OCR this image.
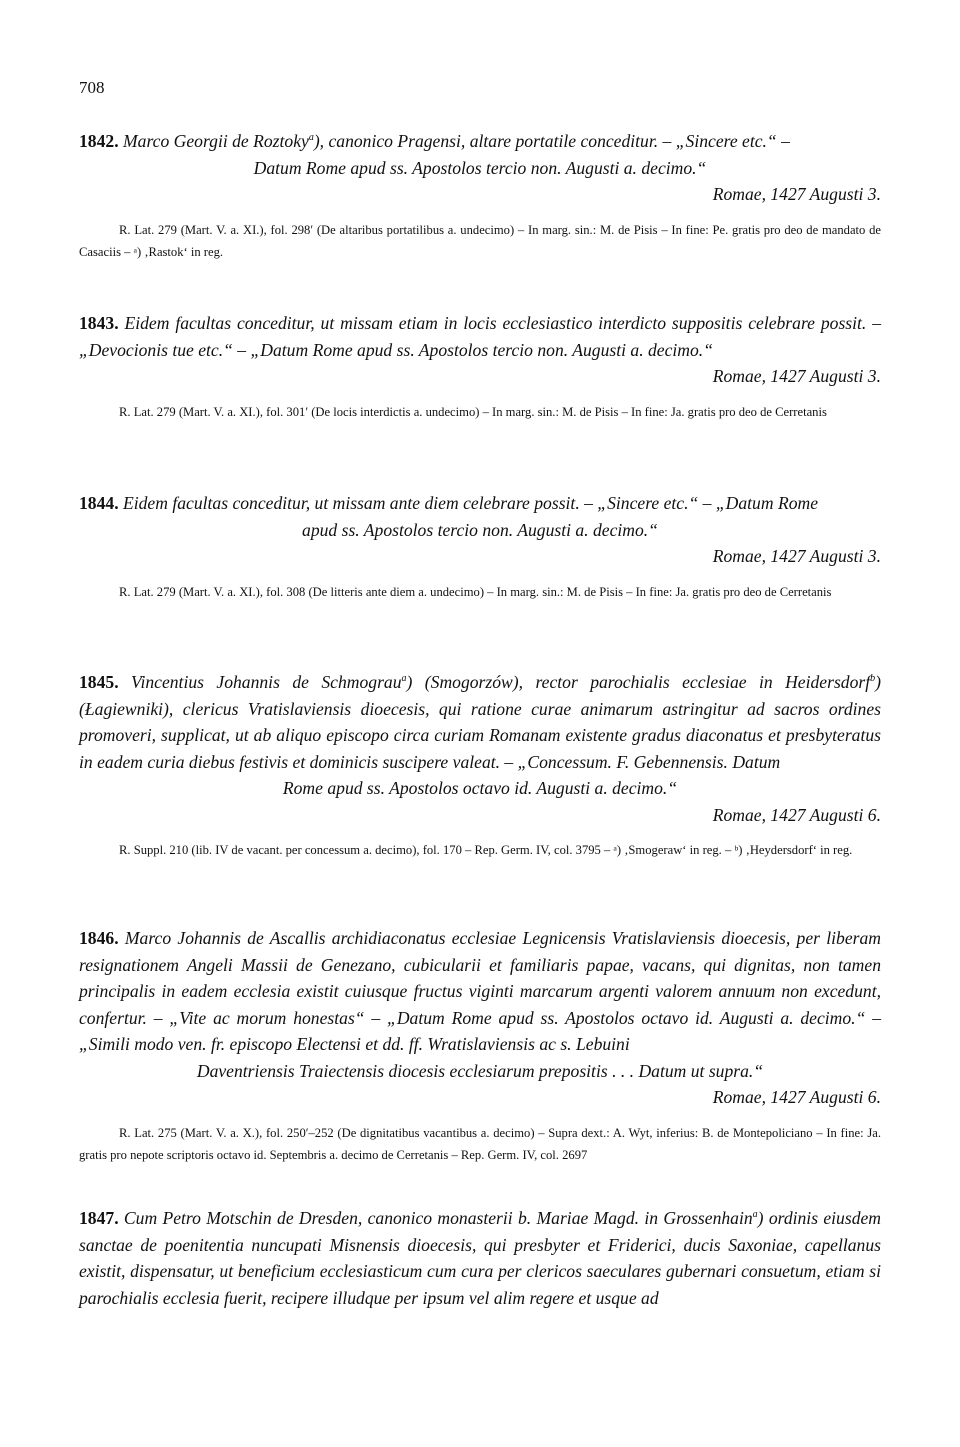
708

1842. Marco Georgii de Roztoky$^a$), canonico Pragensi, altare portatile conceditur. – „Sincere etc.“ –
Datum Rome apud ss. Apostolos tercio non. Augusti a. decimo.“

Romae, 1427 Augusti 3.

R. Lat. 279 (Mart. V. a. XI.), fol. 298′ (De altaribus portatilibus a. undecimo) – In marg. sin.: M. de Pisis – In fine: Pe. gratis pro deo de mandato de Casaciis – ᵃ) ‚Rastok‘ in reg.

1843. Eidem facultas conceditur, ut missam etiam in locis ecclesiastico interdicto suppositis celebrare possit. – „Devocionis tue etc.“ – „Datum Rome apud ss. Apostolos tercio non. Augusti a. decimo.“

Romae, 1427 Augusti 3.

R. Lat. 279 (Mart. V. a. XI.), fol. 301′ (De locis interdictis a. undecimo) – In marg. sin.: M. de Pisis – In fine: Ja. gratis pro deo de Cerretanis

1844. Eidem facultas conceditur, ut missam ante diem celebrare possit. – „Sincere etc.“ – „Datum Rome
apud ss. Apostolos tercio non. Augusti a. decimo.“

Romae, 1427 Augusti 3.

R. Lat. 279 (Mart. V. a. XI.), fol. 308 (De litteris ante diem a. undecimo) – In marg. sin.: M. de Pisis – In fine: Ja. gratis pro deo de Cerretanis

1845. Vincentius Johannis de Schmograu$^a$) (Smogorzów), rector parochialis ecclesiae in Heidersdorf$^b$) (Łagiewniki), clericus Vratislaviensis dioecesis, qui ratione curae animarum astringitur ad sacros ordines promoveri, supplicat, ut ab aliquo episcopo circa curiam Romanam existente gradus diaconatus et presbyteratus in eadem curia diebus festivis et dominicis suscipere valeat. – „Concessum. F. Gebennensis. Datum
Rome apud ss. Apostolos octavo id. Augusti a. decimo.“

Romae, 1427 Augusti 6.

R. Suppl. 210 (lib. IV de vacant. per concessum a. decimo), fol. 170 – Rep. Germ. IV, col. 3795 – ᵃ) ‚Smogeraw‘ in reg. – ᵇ) ‚Heydersdorf‘ in reg.

1846. Marco Johannis de Ascallis archidiaconatus ecclesiae Legnicensis Vratislaviensis dioecesis, per liberam resignationem Angeli Massii de Genezano, cubicularii et familiaris papae, vacans, qui dignitas, non tamen principalis in eadem ecclesia existit cuiusque fructus viginti marcarum argenti valorem annuum non excedunt, confertur. – „Vite ac morum honestas“ – „Datum Rome apud ss. Apostolos octavo id. Augusti a. decimo.“ – „Simili modo ven. fr. episcopo Electensi et dd. ff. Wratislaviensis ac s. Lebuini
Daventriensis Traiectensis diocesis ecclesiarum prepositis . . . Datum ut supra.“

Romae, 1427 Augusti 6.

R. Lat. 275 (Mart. V. a. X.), fol. 250′–252 (De dignitatibus vacantibus a. decimo) – Supra dext.: A. Wyt, inferius: B. de Montepoliciano – In fine: Ja. gratis pro nepote scriptoris octavo id. Septembris a. decimo de Cerretanis – Rep. Germ. IV, col. 2697

1847. Cum Petro Motschin de Dresden, canonico monasterii b. Mariae Magd. in Grossenhain$^a$) ordinis eiusdem sanctae de poenitentia nuncupati Misnensis dioecesis, qui presbyter et Friderici, ducis Saxoniae, capellanus existit, dispensatur, ut beneficium ecclesiasticum cum cura per clericos saeculares gubernari consuetum, etiam si parochialis ecclesia fuerit, recipere illudque per ipsum vel alim regere et usque ad
